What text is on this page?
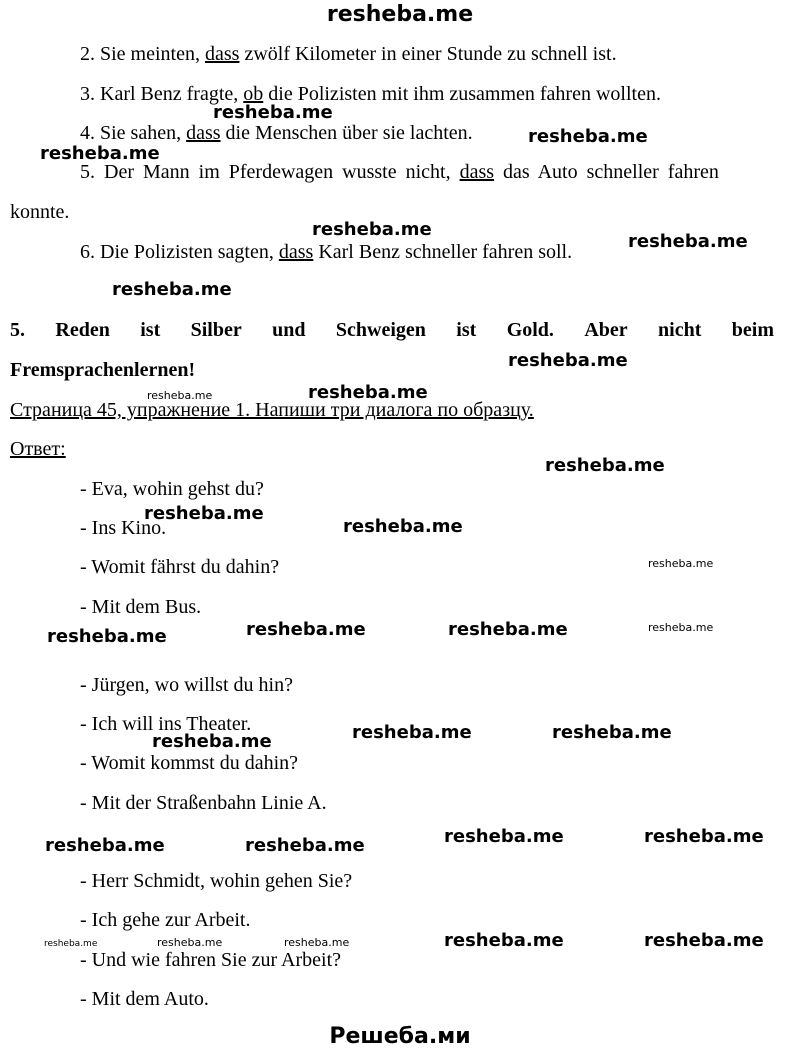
resheba.me
2. Sie meinten, dass zwölf Kilometer in einer Stunde zu schnell ist.
3. Karl Benz fragte, ob die Polizisten mit ihm zusammen fahren wollten.
4. Sie sahen, dass die Menschen über sie lachten.
5. Der Mann im Pferdewagen wusste nicht, dass das Auto schneller fahren
konnte.
6. Die Polizisten sagten, dass Karl Benz schneller fahren soll.
5. Reden ist Silber und Schweigen ist Gold. Aber nicht beim
Fremsprachenlernen!
Страница 45, упражнение 1. Напиши три диалога по образцу.
Ответ:
- Eva, wohin gehst du?
- Ins Kino.
- Womit fährst du dahin?
- Mit dem Bus.
- Jürgen, wo willst du hin?
- Ich will ins Theater.
- Womit kommst du dahin?
- Mit der Straßenbahn Linie A.
- Herr Schmidt, wohin gehen Sie?
- Ich gehe zur Arbeit.
- Und wie fahren Sie zur Arbeit?
- Mit dem Auto.
Решеба.ми
resheba.me
resheba.me
resheba.me
resheba.me
resheba.me
resheba.me
resheba.me
resheba.me	resheba.me
resheba.me
resheba.me
resheba.me
resheba.me
resheba.me	resheba.me	resheba.me	resheba.me
resheba.me	resheba.me	resheba.me
resheba.me	resheba.me	resheba.me	resheba.me
resheba.me	resheba.me	resheba.me	resheba.me	resheba.me
